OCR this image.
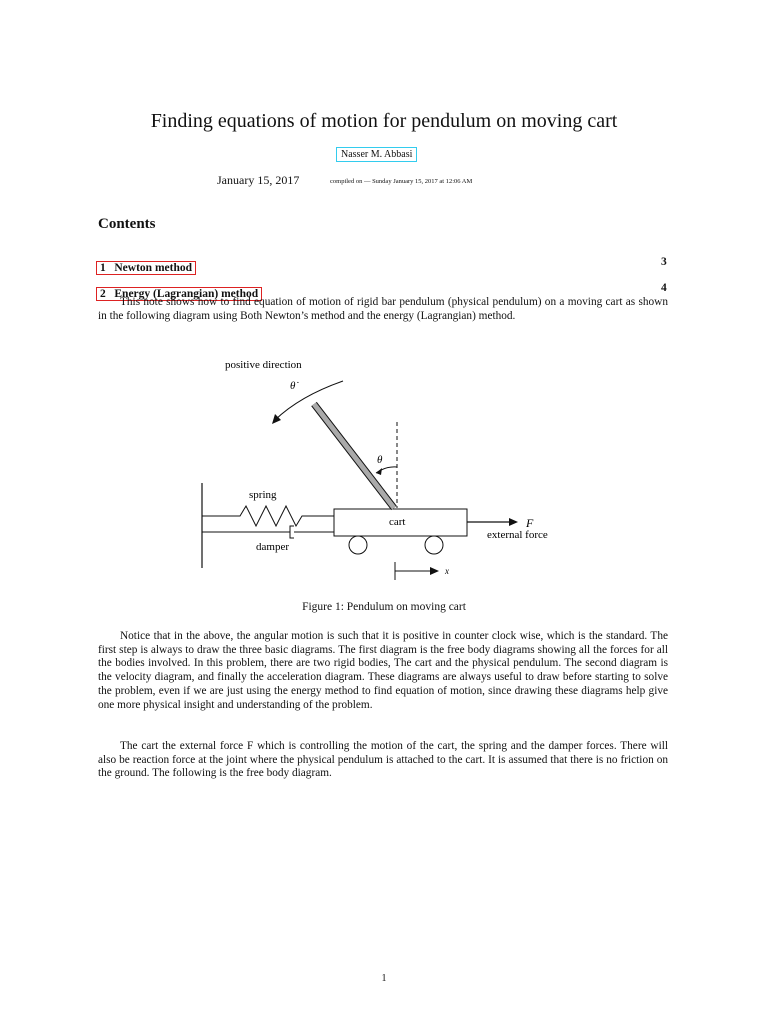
Finding equations of motion for pendulum on moving cart
Nasser M. Abbasi
January 15, 2017	compiled on — Sunday January 15, 2017 at 12:06 AM
Contents
1   Newton method	3
2   Energy (Lagrangian) method	4
This note shows how to find equation of motion of rigid bar pendulum (physical pendulum) on a moving cart as shown in the following diagram using Both Newton’s method and the energy (Lagrangian) method.
positive direction
θ̇
θ
spring
cart
damper
F
external force
x
Figure 1: Pendulum on moving cart
Notice that in the above, the angular motion is such that it is positive in counter clock wise, which is the standard. The first step is always to draw the three basic diagrams. The first diagram is the free body diagrams showing all the forces for all the bodies involved. In this problem, there are two rigid bodies, The cart and the physical pendulum. The second diagram is the velocity diagram, and finally the acceleration diagram. These diagrams are always useful to draw before starting to solve the problem, even if we are just using the energy method to find equation of motion, since drawing these diagrams help give one more physical insight and understanding of the problem.
The cart the external force F which is controlling the motion of the cart, the spring and the damper forces. There will also be reaction force at the joint where the physical pendulum is attached to the cart. It is assumed that there is no friction on the ground. The following is the free body diagram.
1
